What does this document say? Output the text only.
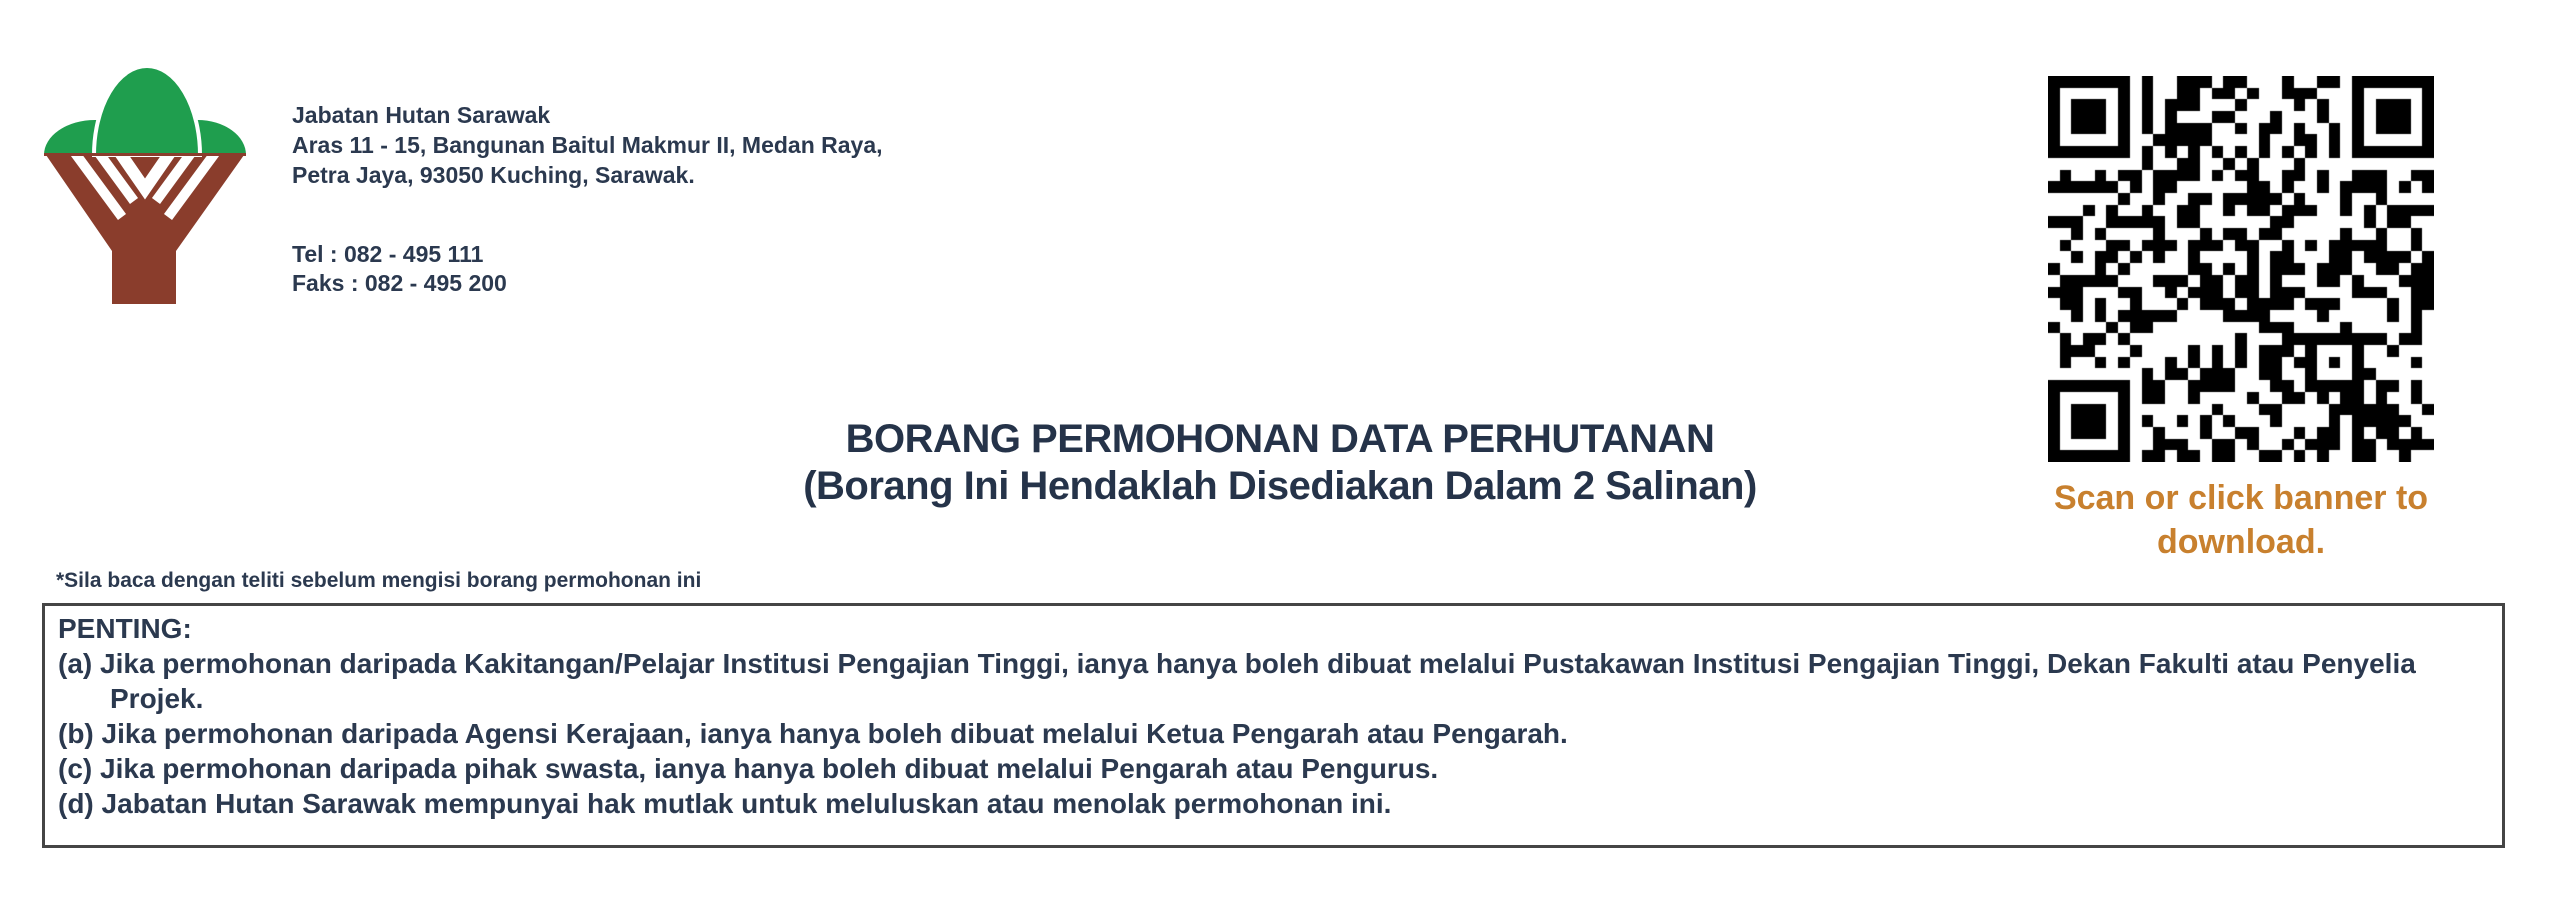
Jabatan Hutan Sarawak
Aras 11 - 15, Bangunan Baitul Makmur II, Medan Raya,
Petra Jaya, 93050 Kuching, Sarawak.
Tel : 082 - 495 111
Faks : 082 - 495 200
BORANG PERMOHONAN DATA PERHUTANAN
(Borang Ini Hendaklah Disediakan Dalam 2 Salinan)	Scan or click banner to download.
*Sila baca dengan teliti sebelum mengisi borang permohonan ini
PENTING:
(a) Jika permohonan daripada Kakitangan/Pelajar Institusi Pengajian Tinggi, ianya hanya boleh dibuat melalui Pustakawan Institusi Pengajian Tinggi, Dekan Fakulti atau Penyelia Projek.
(b) Jika permohonan daripada Agensi Kerajaan, ianya hanya boleh dibuat melalui Ketua Pengarah atau Pengarah.
(c) Jika permohonan daripada pihak swasta, ianya hanya boleh dibuat melalui Pengarah atau Pengurus.
(d) Jabatan Hutan Sarawak mempunyai hak mutlak untuk meluluskan atau menolak permohonan ini.
